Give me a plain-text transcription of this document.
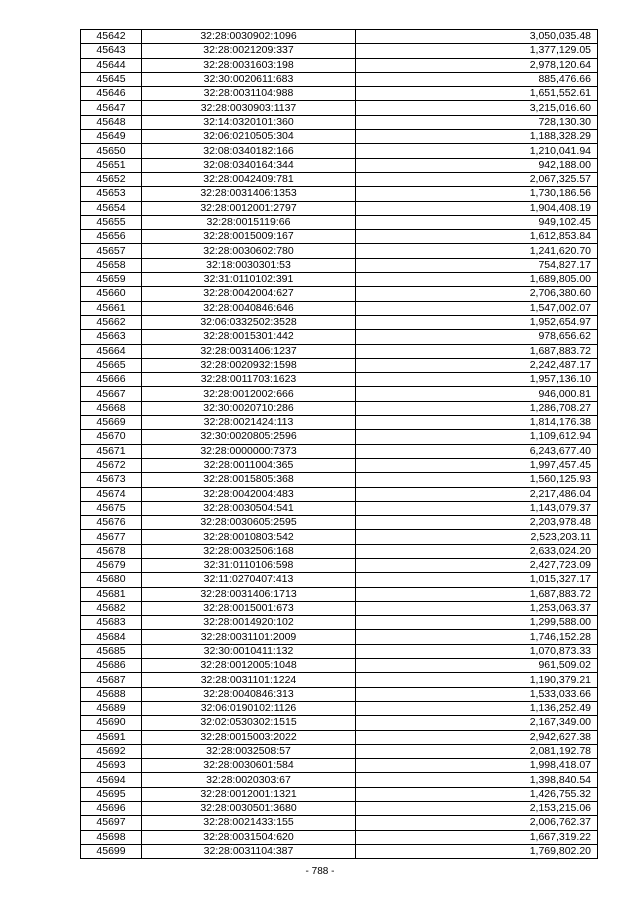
45642	32:28:0030902:1096	3,050,035.48
45643	32:28:0021209:337	1,377,129.05
45644	32:28:0031603:198	2,978,120.64
45645	32:30:0020611:683	885,476.66
45646	32:28:0031104:988	1,651,552.61
45647	32:28:0030903:1137	3,215,016.60
45648	32:14:0320101:360	728,130.30
45649	32:06:0210505:304	1,188,328.29
45650	32:08:0340182:166	1,210,041.94
45651	32:08:0340164:344	942,188.00
45652	32:28:0042409:781	2,067,325.57
45653	32:28:0031406:1353	1,730,186.56
45654	32:28:0012001:2797	1,904,408.19
45655	32:28:0015119:66	949,102.45
45656	32:28:0015009:167	1,612,853.84
45657	32:28:0030602:780	1,241,620.70
45658	32:18:0030301:53	754,827.17
45659	32:31:0110102:391	1,689,805.00
45660	32:28:0042004:627	2,706,380.60
45661	32:28:0040846:646	1,547,002.07
45662	32:06:0332502:3528	1,952,654.97
45663	32:28:0015301:442	978,656.62
45664	32:28:0031406:1237	1,687,883.72
45665	32:28:0020932:1598	2,242,487.17
45666	32:28:0011703:1623	1,957,136.10
45667	32:28:0012002:666	946,000.81
45668	32:30:0020710:286	1,286,708.27
45669	32:28:0021424:113	1,814,176.38
45670	32:30:0020805:2596	1,109,612.94
45671	32:28:0000000:7373	6,243,677.40
45672	32:28:0011004:365	1,997,457.45
45673	32:28:0015805:368	1,560,125.93
45674	32:28:0042004:483	2,217,486.04
45675	32:28:0030504:541	1,143,079.37
45676	32:28:0030605:2595	2,203,978.48
45677	32:28:0010803:542	2,523,203.11
45678	32:28:0032506:168	2,633,024.20
45679	32:31:0110106:598	2,427,723.09
45680	32:11:0270407:413	1,015,327.17
45681	32:28:0031406:1713	1,687,883.72
45682	32:28:0015001:673	1,253,063.37
45683	32:28:0014920:102	1,299,588.00
45684	32:28:0031101:2009	1,746,152.28
45685	32:30:0010411:132	1,070,873.33
45686	32:28:0012005:1048	961,509.02
45687	32:28:0031101:1224	1,190,379.21
45688	32:28:0040846:313	1,533,033.66
45689	32:06:0190102:1126	1,136,252.49
45690	32:02:0530302:1515	2,167,349.00
45691	32:28:0015003:2022	2,942,627.38
45692	32:28:0032508:57	2,081,192.78
45693	32:28:0030601:584	1,998,418.07
45694	32:28:0020303:67	1,398,840.54
45695	32:28:0012001:1321	1,426,755.32
45696	32:28:0030501:3680	2,153,215.06
45697	32:28:0021433:155	2,006,762.37
45698	32:28:0031504:620	1,667,319.22
45699	32:28:0031104:387	1,769,802.20
- 788 -
